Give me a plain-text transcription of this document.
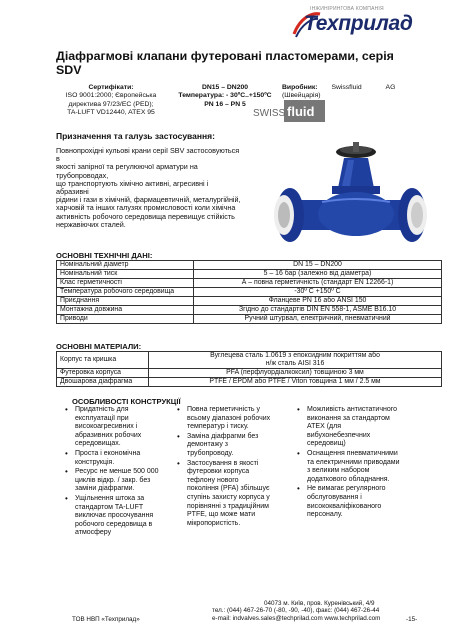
ІНЖИНІРИНГОВА КОМПАНІЯ
Техприлад
Діафрагмові клапани футеровані пластомерами, серія SDV
Сертифікати:
ISO 9001:2000; Європейська
директива 97/23/EC (PED);
TA-LUFT VD12440, ATEX 95
DN15 – DN200
Температура: - 30ºC..+150ºC
PN 16 – PN 5
Виробник: Swissfluid	AG
(Швейцарія)
SWISS fluid
Призначення та галузь застосування:
Повнопрохідні кульові крани серії SBV застосовуються в
якості запірної та регулюючої арматури на трубопроводах,
що транспортують хімічно активні, агресивні і абразивні
рідини і гази в хімічній, фармацевтичній, металургійній,
харчовій та інших галузях промисловості коли хімічна
активність робочого середовища перевищує стійкість
нержавіючих сталей.
ОСНОВНІ ТЕХНІЧНІ ДАНІ:
Номінальний діаметр	DN 15 – DN200
Номінальний тиск	5 – 16 бар (залежно від діаметра)
Клас герметичності	А – повна герметичність (стандарт EN 12266-1)
Температура робочого середовища	-30º C +150º C
Приєднання	Фланцеве PN 16 або ANSI 150
Монтажна довжина	Згідно до стандартів DIN EN 558-1, ASME B16.10
Приводи	Ручний штурвал, електричний, пневматичний
ОСНОВНІ МАТЕРІАЛИ:
Корпус та кришка	Вуглецева сталь 1.0619 з епоксидним покриттям або
н/ж сталь AISI 316

Футеровка корпуса	PFA (перфлуордіалкоксил) товщиною 3 мм
Двошарова діафрагма	PTFE / EPDM або PTFE / Viton товщина 1 мм / 2.5 мм
ОСОБЛИВОСТІ КОНСТРУКЦІЇ
• Придатність для експлуатації при високоагресивних і абразивних робочих середовищах.
• Проста і економічна конструкція.
• Ресурс не менше 500 000 циклів відкр. / закр. без заміни діафрагми.
• Ущільнення штока за стандартом TA-LUFT виключає просочування робочого середовища в атмосферу
• Повна герметичність у всьому діапазоні робочих температур і тиску.
• Заміна діафрагми без демонтажу з трубопроводу.
• Застосування в якості футеровки корпуса тефлону нового покоління (PFA) збільшує ступінь захисту корпуса у порівнянні з традиційним PTFE, що може мати мікропористість.
• Можливість антистатичного виконання за стандартом ATEX (для вибухонебезпечних середовищ)
• Оснащення пневматичними та електричними приводами з великим набором додаткового обладнання.
• Не вимагає регулярного обслуговування і висококваліфікованого персоналу.
04073 м. Київ, пров. Куренівський, 4/9
тел.: (044) 467-26-70 (-80, -90, -40), факс: (044) 467-26-44
e-mail: indvalves.sales@techprilad.com www.techprilad.com
ТОВ НВП «Техприлад»	-15-
